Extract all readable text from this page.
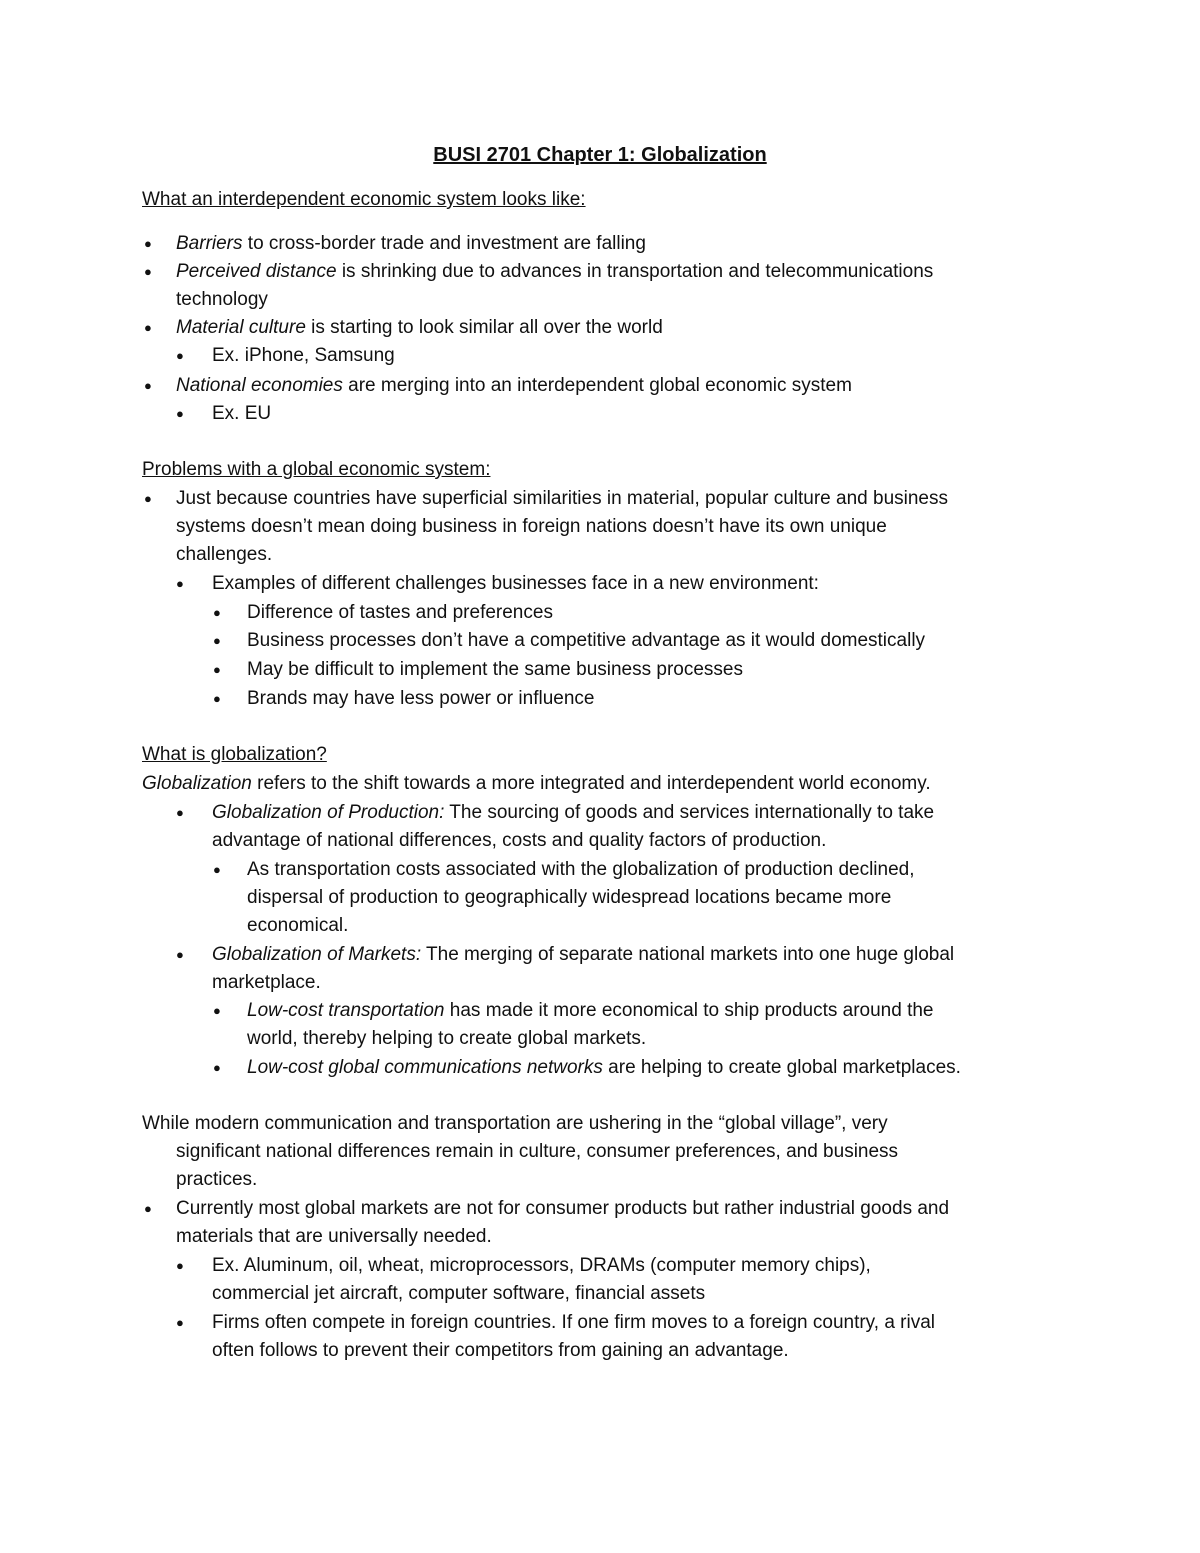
BUSI 2701 Chapter 1: Globalization
What an interdependent economic system looks like:
● Barriers to cross-border trade and investment are falling
● Perceived distance is shrinking due to advances in transportation and telecommunications
technology
● Material culture is starting to look similar all over the world
● Ex. iPhone, Samsung
● National economies are merging into an interdependent global economic system
● Ex. EU
Problems with a global economic system:
● Just because countries have superficial similarities in material, popular culture and business
systems doesn’t mean doing business in foreign nations doesn’t have its own unique
challenges.
● Examples of different challenges businesses face in a new environment:
● Difference of tastes and preferences
● Business processes don’t have a competitive advantage as it would domestically
● May be difficult to implement the same business processes
● Brands may have less power or influence
What is globalization?
Globalization refers to the shift towards a more integrated and interdependent world economy.
● Globalization of Production: The sourcing of goods and services internationally to take
advantage of national differences, costs and quality factors of production.
● As transportation costs associated with the globalization of production declined,
dispersal of production to geographically widespread locations became more
economical.
● Globalization of Markets: The merging of separate national markets into one huge global
marketplace.
● Low-cost transportation has made it more economical to ship products around the
world, thereby helping to create global markets.
● Low-cost global communications networks are helping to create global marketplaces.
While modern communication and transportation are ushering in the “global village”, very
significant national differences remain in culture, consumer preferences, and business
practices.
● Currently most global markets are not for consumer products but rather industrial goods and
materials that are universally needed.
● Ex. Aluminum, oil, wheat, microprocessors, DRAMs (computer memory chips),
commercial jet aircraft, computer software, financial assets
● Firms often compete in foreign countries. If one firm moves to a foreign country, a rival
often follows to prevent their competitors from gaining an advantage.
